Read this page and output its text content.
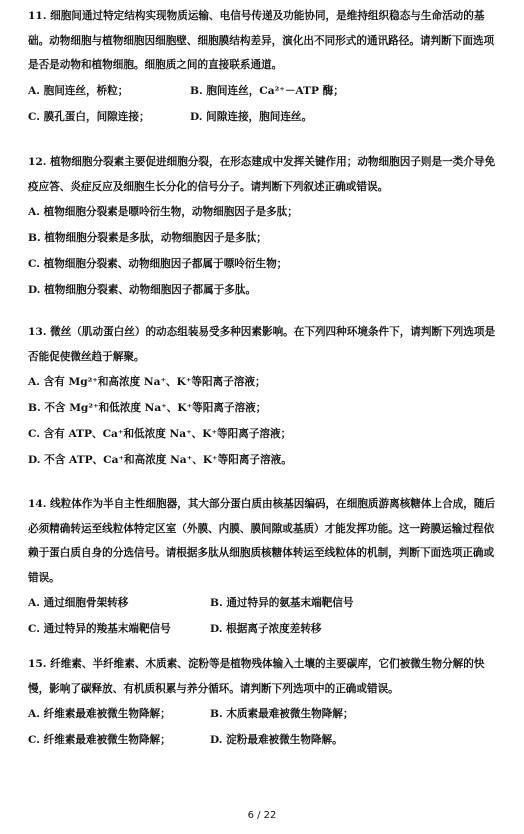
11. 细胞间通过特定结构实现物质运输、电信号传递及功能协同，是维持组织稳态与生命活动的基础。动物细胞与植物细胞因细胞壁、细胞膜结构差异，演化出不同形式的通讯路径。请判断下面选项是否是动物和植物细胞。细胞质之间的直接联系通道。

A. 胞间连丝，桥粒；	B. 胞间连丝，Ca²⁺－ATP 酶；
C. 膜孔蛋白，间隙连接；	D. 间隙连接，胞间连丝。

12. 植物细胞分裂素主要促进细胞分裂，在形态建成中发挥关键作用；动物细胞因子则是一类介导免疫应答、炎症反应及细胞生长分化的信号分子。请判断下列叙述正确或错误。

A. 植物细胞分裂素是嘌呤衍生物，动物细胞因子是多肽；
B. 植物细胞分裂素是多肽，动物细胞因子是多肽；
C. 植物细胞分裂素、动物细胞因子都属于嘌呤衍生物；
D. 植物细胞分裂素、动物细胞因子都属于多肽。

13. 微丝（肌动蛋白丝）的动态组装易受多种因素影响。在下列四种环境条件下，请判断下列选项是否能促使微丝趋于解聚。

A. 含有 Mg²⁺和高浓度 Na⁺、K⁺等阳离子溶液；
B. 不含 Mg²⁺和低浓度 Na⁺、K⁺等阳离子溶液；
C. 含有 ATP、Ca⁺和低浓度 Na⁺、K⁺等阳离子溶液；
D. 不含 ATP、Ca⁺和高浓度 Na⁺、K⁺等阳离子溶液。

14. 线粒体作为半自主性细胞器，其大部分蛋白质由核基因编码，在细胞质游离核糖体上合成，随后必须精确转运至线粒体特定区室（外膜、内膜、膜间隙或基质）才能发挥功能。这一跨膜运输过程依赖于蛋白质自身的分选信号。请根据多肽从细胞质核糖体转运至线粒体的机制，判断下面选项正确或错误。

A. 通过细胞骨架转移	B. 通过特异的氨基末端靶信号
C. 通过特异的羧基末端靶信号	D. 根据离子浓度差转移

15. 纤维素、半纤维素、木质素、淀粉等是植物残体输入土壤的主要碳库，它们被微生物分解的快慢，影响了碳释放、有机质积累与养分循环。请判断下列选项中的正确或错误。

A. 纤维素最难被微生物降解；	B. 木质素最难被微生物降解；
C. 纤维素最难被微生物降解；	D. 淀粉最难被微生物降解。
6 / 22
